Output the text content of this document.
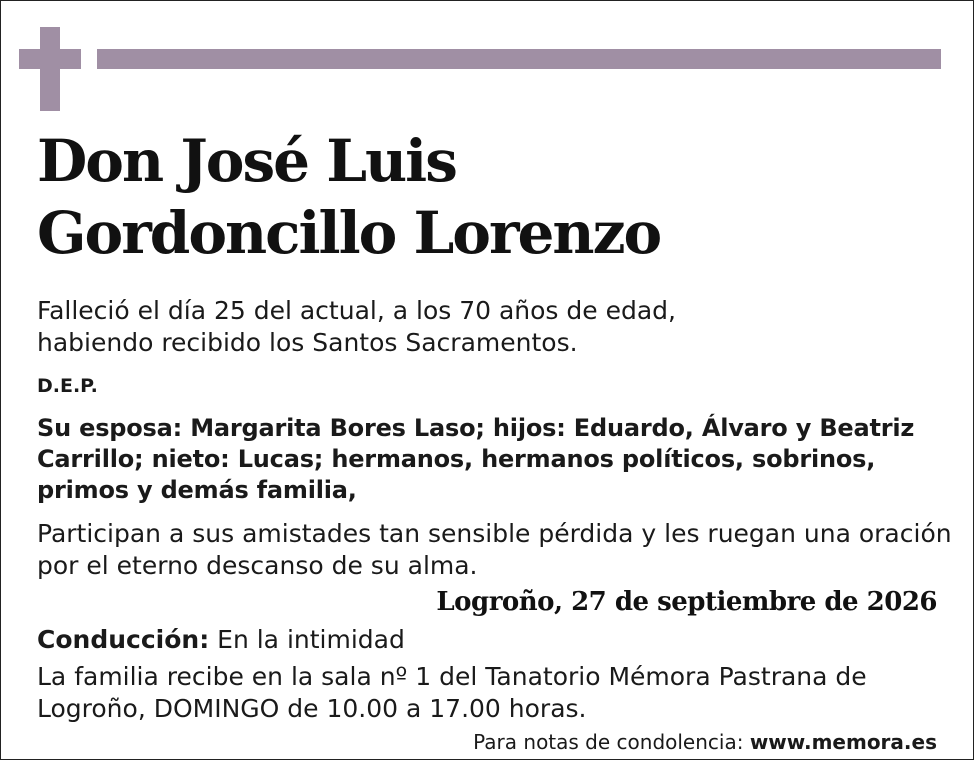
Don José Luis
Gordoncillo Lorenzo

Falleció el día 25 del actual, a los 70 años de edad,

habiendo recibido los Santos Sacramentos.

D.E.P.

Su esposa: Margarita Bores Laso; hijos: Eduardo, Álvaro y Beatriz
Carrillo; nieto: Lucas; hermanos, hermanos políticos, sobrinos,
primos y demás familia,

Participan a sus amistades tan sensible pérdida y les ruegan una oración

por el eterno descanso de su alma.

Logroño, 27 de septiembre de 2026

Conducción: En la intimidad

La familia recibe en la sala nº 1 del Tanatorio Mémora Pastrana de

Logroño, DOMINGO de 10.00 a 17.00 horas.

Para notas de condolencia: www.memora.es
